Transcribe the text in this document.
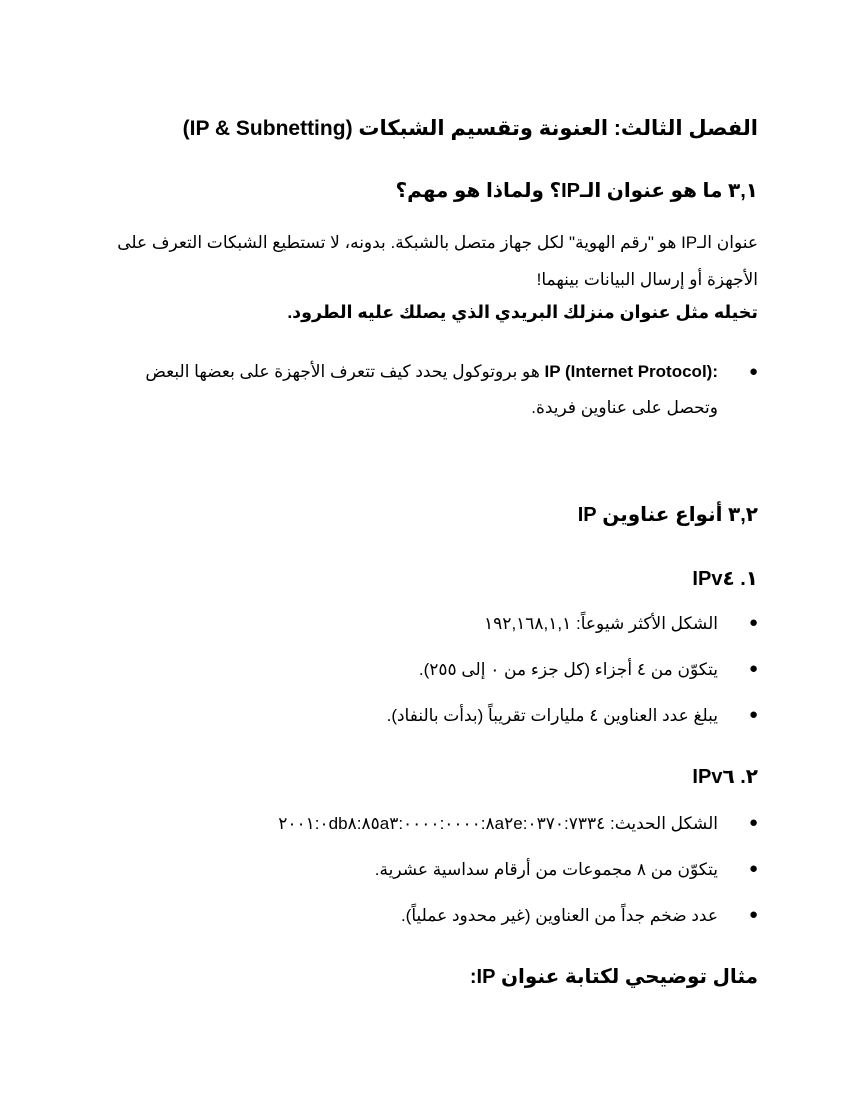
الفصل الثالث: العنونة وتقسيم الشبكات (IP & Subnetting)
٣,١ ما هو عنوان الـIP؟ ولماذا هو مهم؟

عنوان الـIP هو "رقم الهوية" لكل جهاز متصل بالشبكة. بدونه، لا تستطيع الشبكات التعرف على الأجهزة أو إرسال البيانات بينهما!

تخيله مثل عنوان منزلك البريدي الذي يصلك عليه الطرود.

●
IP (Internet Protocol): هو بروتوكول يحدد كيف تتعرف الأجهزة على بعضها البعض وتحصل على عناوين فريدة.
٣,٢ أنواع عناوين IP
١. IPv٤
●
الشكل الأكثر شيوعاً: ١٩٢,١٦٨,١,١
●
يتكوّن من ٤ أجزاء (كل جزء من ٠ إلى ٢٥٥).
●
يبلغ عدد العناوين ٤ مليارات تقريباً (بدأت بالنفاد).
٢. IPv٦
●
الشكل الحديث: ٢٠٠١:٠db٨:٨٥a٣:٠٠٠٠:٠٠٠٠:٨a٢e:٠٣٧٠:٧٣٣٤
●
يتكوّن من ٨ مجموعات من أرقام سداسية عشرية.
●
عدد ضخم جداً من العناوين (غير محدود عملياً).
مثال توضيحي لكتابة عنوان IP:
